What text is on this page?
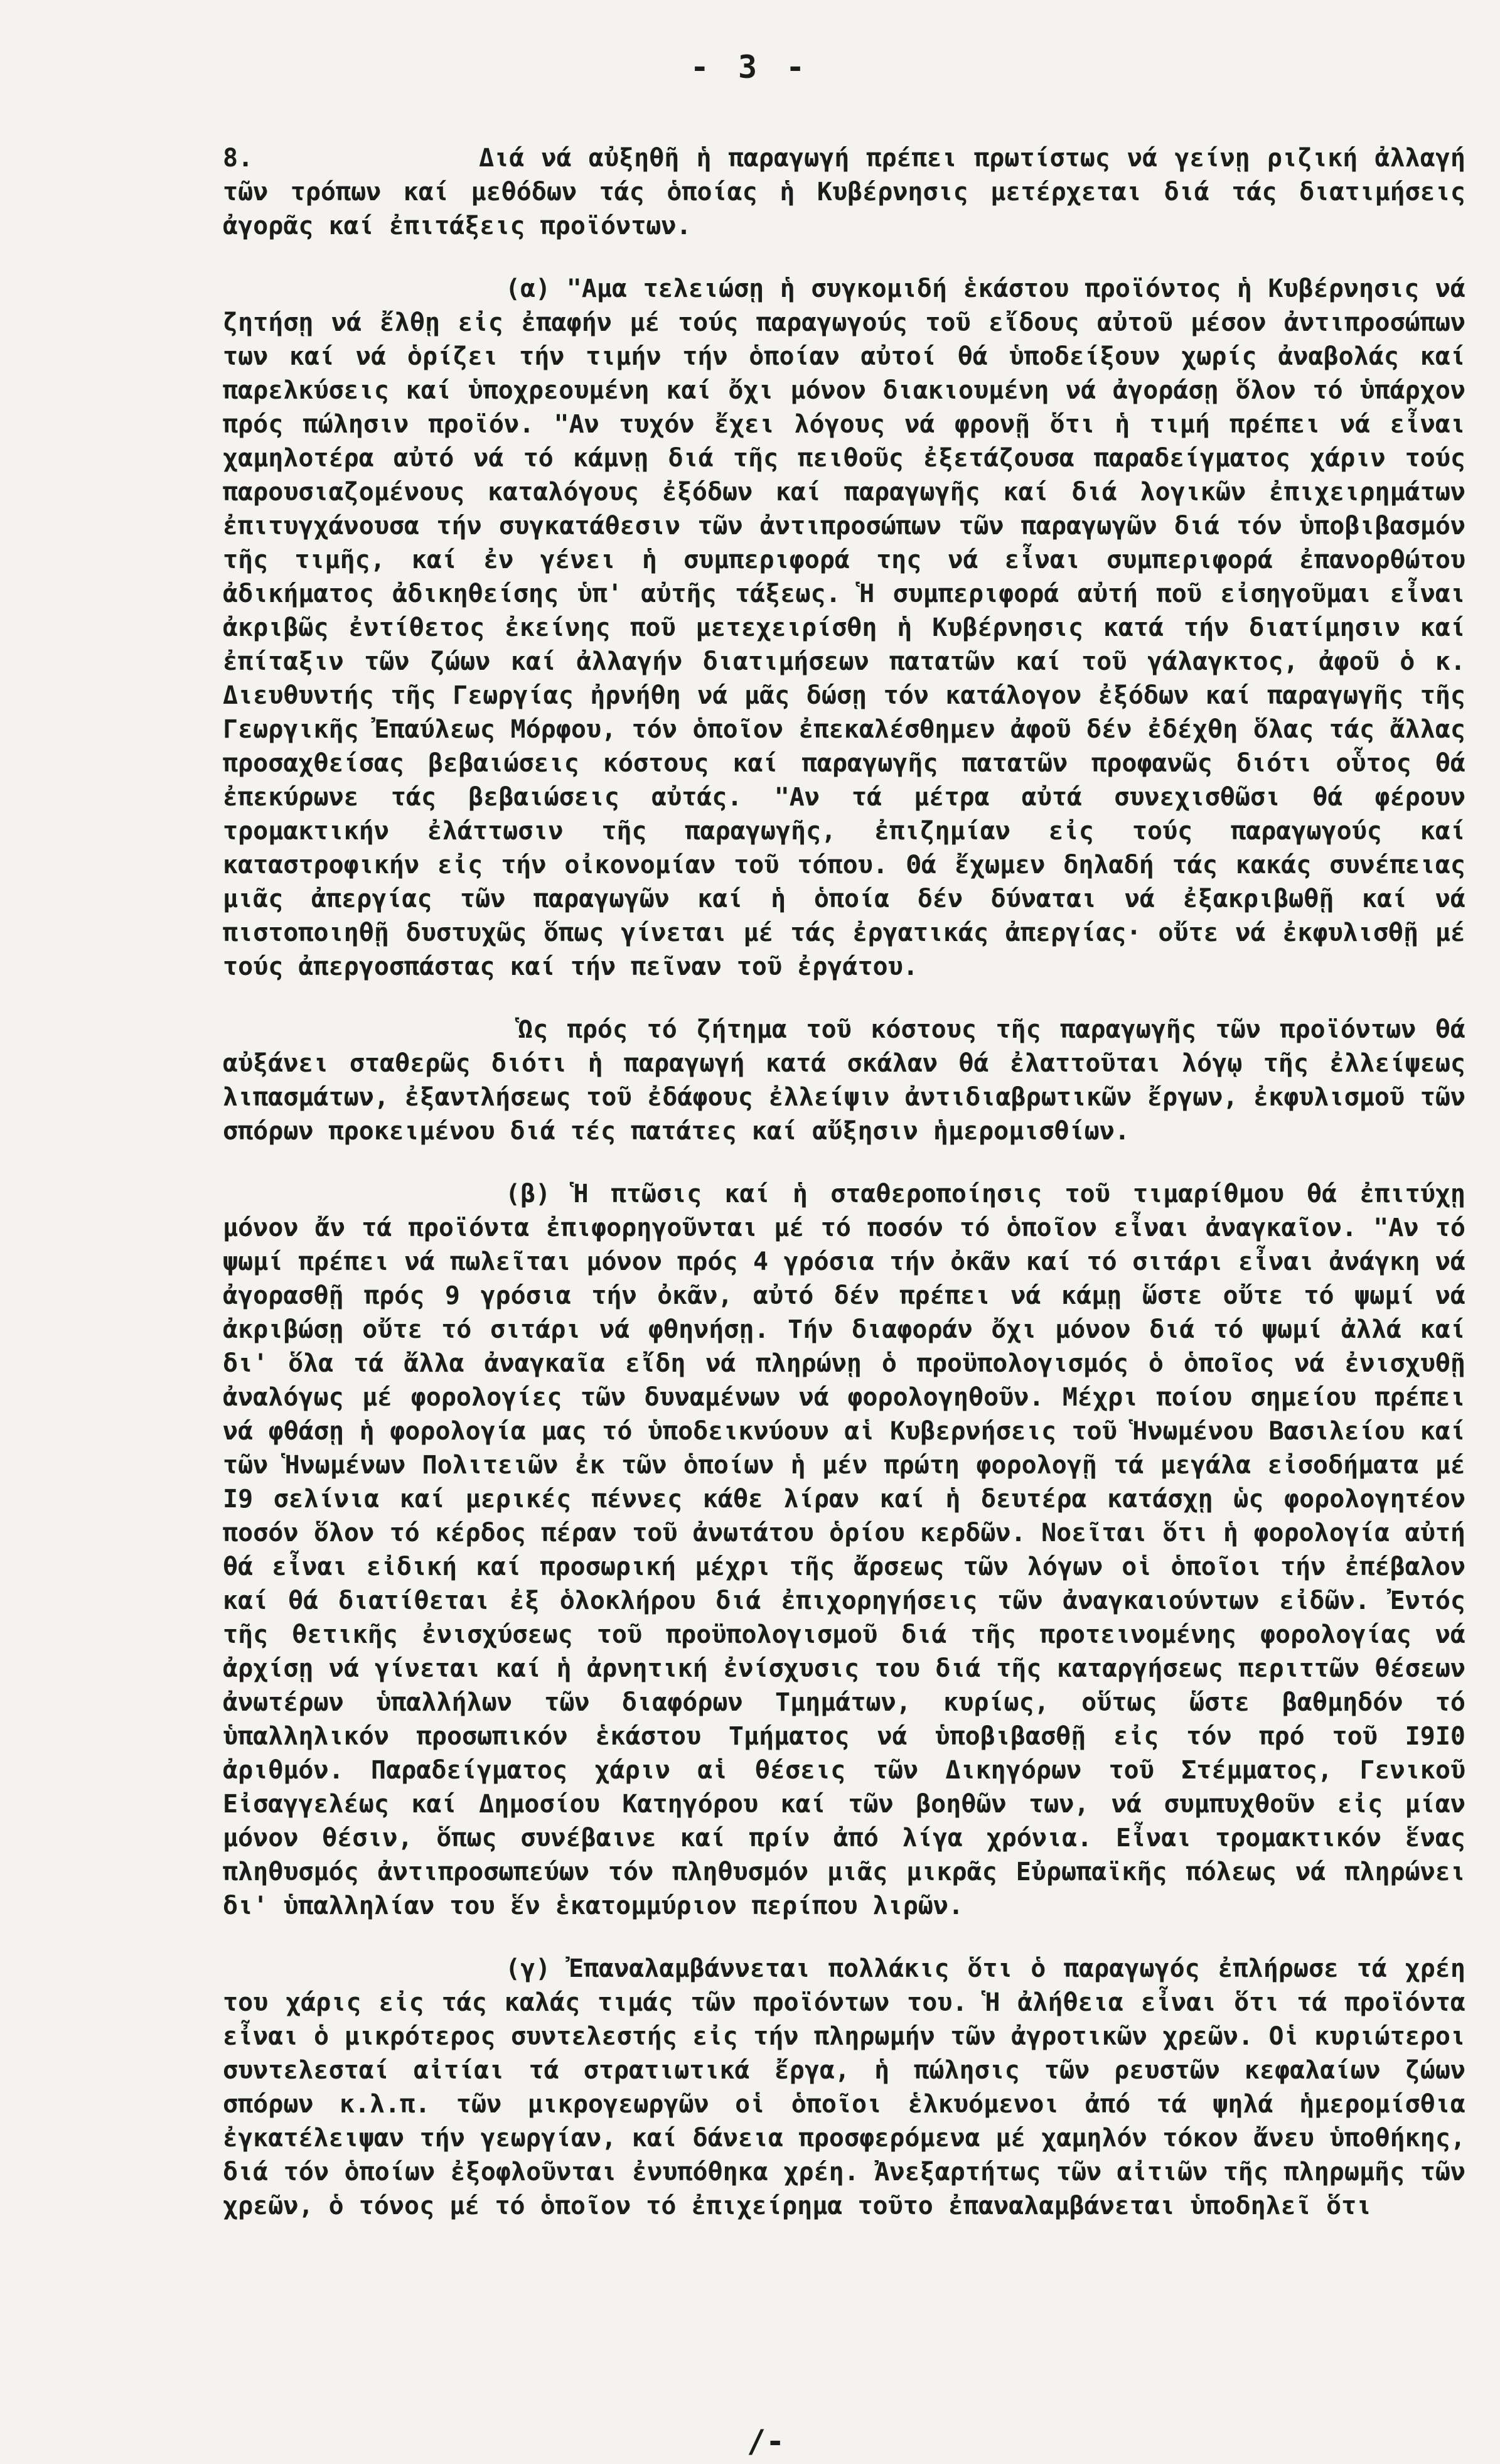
- 3 -

8.	Διά νά αὐξηθῆ ἡ παραγωγή πρέπει πρωτίστως νά γείνῃ ριζική ἀλλαγή τῶν τρόπων καί μεθόδων τάς ὁποίας ἡ Κυβέρνησις μετέρχεται διά τάς διατιμήσεις ἀγορᾶς καί ἐπιτάξεις προϊόντων.

(α) "Αμα τελειώσῃ ἡ συγκομιδή ἑκάστου προϊόντος ἡ Κυβέρνησις νά ζητήσῃ νά ἔλθῃ εἰς ἐπαφήν μέ τούς παραγωγούς τοῦ εἴδους αὐτοῦ μέσον ἀντιπροσώπων των καί νά ὁρίζει τήν τιμήν τήν ὁποίαν αὐτοί θά ὑποδείξουν χωρίς ἀναβολάς καί παρελκύσεις καί ὑποχρεουμένη καί ὄχι μόνον διακιουμένη νά ἀγοράσῃ ὅλον τό ὑπάρχον πρός πώλησιν προϊόν. "Αν τυχόν ἔχει λόγους νά φρονῇ ὅτι ἡ τιμή πρέπει νά εἶναι χαμηλοτέρα αὐτό νά τό κάμνῃ διά τῆς πειθοῦς ἐξετάζουσα παραδείγματος χάριν τούς παρουσιαζομένους καταλόγους ἐξόδων καί παραγωγῆς καί διά λογικῶν ἐπιχειρημάτων ἐπιτυγχάνουσα τήν συγκατάθεσιν τῶν ἀντιπροσώπων τῶν παραγωγῶν διά τόν ὑποβιβασμόν τῆς τιμῆς, καί ἐν γένει ἡ συμπεριφορά της νά εἶναι συμπεριφορά ἐπανορθώτου ἀδικήματος ἀδικηθείσης ὑπ' αὐτῆς τάξεως. Ἡ συμπεριφορά αὐτή ποῦ εἰσηγοῦμαι εἶναι ἀκριβῶς ἐντίθετος ἐκείνης ποῦ μετεχειρίσθη ἡ Κυβέρνησις κατά τήν διατίμησιν καί ἐπίταξιν τῶν ζώων καί ἀλλαγήν διατιμήσεων πατατῶν καί τοῦ γάλαγκτος, ἀφοῦ ὁ κ. Διευθυντής τῆς Γεωργίας ἠρνήθη νά μᾶς δώσῃ τόν κατάλογον ἐξόδων καί παραγωγῆς τῆς Γεωργικῆς Ἐπαύλεως Μόρφου, τόν ὁποῖον ἐπεκαλέσθημεν ἀφοῦ δέν ἐδέχθη ὅλας τάς ἄλλας προσαχθείσας βεβαιώσεις κόστους καί παραγωγῆς πατατῶν προφανῶς διότι οὗτος θά ἐπεκύρωνε τάς βεβαιώσεις αὐτάς. "Αν τά μέτρα αὐτά συνεχισθῶσι θά φέρουν τρομακτικήν ἐλάττωσιν τῆς παραγωγῆς, ἐπιζημίαν εἰς τούς παραγωγούς καί καταστροφικήν εἰς τήν οἰκονομίαν τοῦ τόπου. Θά ἔχωμεν δηλαδή τάς κακάς συνέπειας μιᾶς ἀπεργίας τῶν παραγωγῶν καί ἡ ὁποία δέν δύναται νά ἐξακριβωθῇ καί νά πιστοποιηθῇ δυστυχῶς ὅπως γίνεται μέ τάς ἐργατικάς ἀπεργίας· οὔτε νά ἐκφυλισθῇ μέ τούς ἀπεργοσπάστας καί τήν πεῖναν τοῦ ἐργάτου.

Ὡς πρός τό ζήτημα τοῦ κόστους τῆς παραγωγῆς τῶν προϊόντων θά αὐξάνει σταθερῶς διότι ἡ παραγωγή κατά σκάλαν θά ἐλαττοῦται λόγῳ τῆς ἐλλείψεως λιπασμάτων, ἐξαντλήσεως τοῦ ἐδάφους ἐλλείψιν ἀντιδιαβρωτικῶν ἔργων, ἐκφυλισμοῦ τῶν σπόρων προκειμένου διά τές πατάτες καί αὔξησιν ἡμερομισθίων.

(β) Ἡ πτῶσις καί ἡ σταθεροποίησις τοῦ τιμαρίθμου θά ἐπιτύχῃ μόνον ἄν τά προϊόντα ἐπιφορηγοῦνται μέ τό ποσόν τό ὁποῖον εἶναι ἀναγκαῖον. "Αν τό ψωμί πρέπει νά πωλεῖται μόνον πρός 4 γρόσια τήν ὀκᾶν καί τό σιτάρι εἶναι ἀνάγκη νά ἀγορασθῇ πρός 9 γρόσια τήν ὀκᾶν, αὐτό δέν πρέπει νά κάμῃ ὥστε οὔτε τό ψωμί νά ἀκριβώσῃ οὔτε τό σιτάρι νά φθηνήσῃ. Τήν διαφοράν ὄχι μόνον διά τό ψωμί ἀλλά καί δι' ὅλα τά ἄλλα ἀναγκαῖα εἴδη νά πληρώνῃ ὁ προϋπολογισμός ὁ ὁποῖος νά ἐνισχυθῇ ἀναλόγως μέ φορολογίες τῶν δυναμένων νά φορολογηθοῦν. Μέχρι ποίου σημείου πρέπει νά φθάσῃ ἡ φορολογία μας τό ὑποδεικνύουν αἱ Κυβερνήσεις τοῦ Ἡνωμένου Βασιλείου καί τῶν Ἡνωμένων Πολιτειῶν ἐκ τῶν ὁποίων ἡ μέν πρώτη φορολογῇ τά μεγάλα εἰσοδήματα μέ Ι9 σελίνια καί μερικές πέννες κάθε λίραν καί ἡ δευτέρα κατάσχῃ ὡς φορολογητέον ποσόν ὅλον τό κέρδος πέραν τοῦ ἀνωτάτου ὁρίου κερδῶν. Νοεῖται ὅτι ἡ φορολογία αὐτή θά εἶναι εἰδική καί προσωρική μέχρι τῆς ἄρσεως τῶν λόγων οἱ ὁποῖοι τήν ἐπέβαλον καί θά διατίθεται ἐξ ὁλοκλήρου διά ἐπιχορηγήσεις τῶν ἀναγκαιούντων εἰδῶν. Ἐντός τῆς θετικῆς ἐνισχύσεως τοῦ προϋπολογισμοῦ διά τῆς προτεινομένης φορολογίας νά ἀρχίσῃ νά γίνεται καί ἡ ἀρνητική ἐνίσχυσις του διά τῆς καταργήσεως περιττῶν θέσεων ἀνωτέρων ὑπαλλήλων τῶν διαφόρων Τμημάτων, κυρίως, οὕτως ὥστε βαθμηδόν τό ὑπαλληλικόν προσωπικόν ἑκάστου Τμήματος νά ὑποβιβασθῇ εἰς τόν πρό τοῦ Ι9Ι0 ἀριθμόν. Παραδείγματος χάριν αἱ θέσεις τῶν Δικηγόρων τοῦ Στέμματος, Γενικοῦ Εἰσαγγελέως καί Δημοσίου Κατηγόρου καί τῶν βοηθῶν των, νά συμπυχθοῦν εἰς μίαν μόνον θέσιν, ὅπως συνέβαινε καί πρίν ἀπό λίγα χρόνια. Εἶναι τρομακτικόν ἕνας πληθυσμός ἀντιπροσωπεύων τόν πληθυσμόν μιᾶς μικρᾶς Εὐρωπαϊκῆς πόλεως νά πληρώνει δι' ὑπαλληλίαν του ἕν ἑκατομμύριον περίπου λιρῶν.

(γ) Ἐπαναλαμβάννεται πολλάκις ὅτι ὁ παραγωγός ἐπλήρωσε τά χρέη του χάρις εἰς τάς καλάς τιμάς τῶν προϊόντων του. Ἡ ἀλήθεια εἶναι ὅτι τά προϊόντα εἶναι ὁ μικρότερος συντελεστής εἰς τήν πληρωμήν τῶν ἀγροτικῶν χρεῶν. Οἱ κυριώτεροι συντελεσταί αἰτίαι τά στρατιωτικά ἔργα, ἡ πώλησις τῶν ρευστῶν κεφαλαίων ζώων σπόρων κ.λ.π. τῶν μικρογεωργῶν οἱ ὁποῖοι ἑλκυόμενοι ἀπό τά ψηλά ἡμερομίσθια ἐγκατέλειψαν τήν γεωργίαν, καί δάνεια προσφερόμενα μέ χαμηλόν τόκον ἄνευ ὑποθήκης, διά τόν ὁποίων ἐξοφλοῦνται ἐνυπόθηκα χρέη. Ἀνεξαρτήτως τῶν αἰτιῶν τῆς πληρωμῆς τῶν χρεῶν, ὁ τόνος μέ τό ὁποῖον τό ἐπιχείρημα τοῦτο ἐπαναλαμβάνεται ὑποδηλεῖ ὅτι

/-
